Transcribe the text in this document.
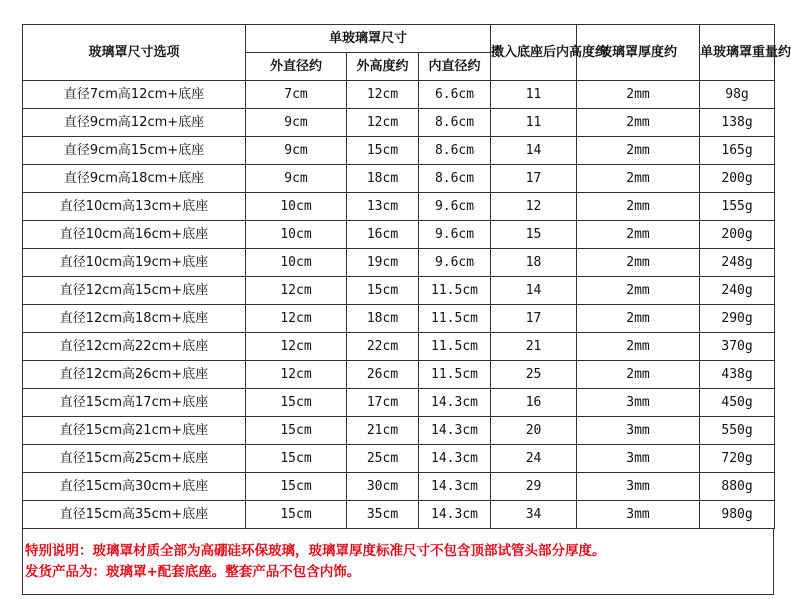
玻璃罩尺寸选项	单玻璃罩尺寸			擞入底座后内高度约	玻璃罩厚度约	单玻璃罩重量约
	外直径约	外高度约	内直径约			
直径7cm高12cm+底座	7cm	12cm	6.6cm	11	2mm	98g
直径9cm高12cm+底座	9cm	12cm	8.6cm	11	2mm	138g
直径9cm高15cm+底座	9cm	15cm	8.6cm	14	2mm	165g
直径9cm高18cm+底座	9cm	18cm	8.6cm	17	2mm	200g
直径10cm高13cm+底座	10cm	13cm	9.6cm	12	2mm	155g
直径10cm高16cm+底座	10cm	16cm	9.6cm	15	2mm	200g
直径10cm高19cm+底座	10cm	19cm	9.6cm	18	2mm	248g
直径12cm高15cm+底座	12cm	15cm	11.5cm	14	2mm	240g
直径12cm高18cm+底座	12cm	18cm	11.5cm	17	2mm	290g
直径12cm高22cm+底座	12cm	22cm	11.5cm	21	2mm	370g
直径12cm高26cm+底座	12cm	26cm	11.5cm	25	2mm	438g
直径15cm高17cm+底座	15cm	17cm	14.3cm	16	3mm	450g
直径15cm高21cm+底座	15cm	21cm	14.3cm	20	3mm	550g
直径15cm高25cm+底座	15cm	25cm	14.3cm	24	3mm	720g
直径15cm高30cm+底座	15cm	30cm	14.3cm	29	3mm	880g
直径15cm高35cm+底座	15cm	35cm	14.3cm	34	3mm	980g
特别说明：玻璃罩材质全部为高硼硅环保玻璃，玻璃罩厚度标准尺寸不包含顶部试管头部分厚度。
发货产品为：玻璃罩+配套底座。整套产品不包含内饰。
